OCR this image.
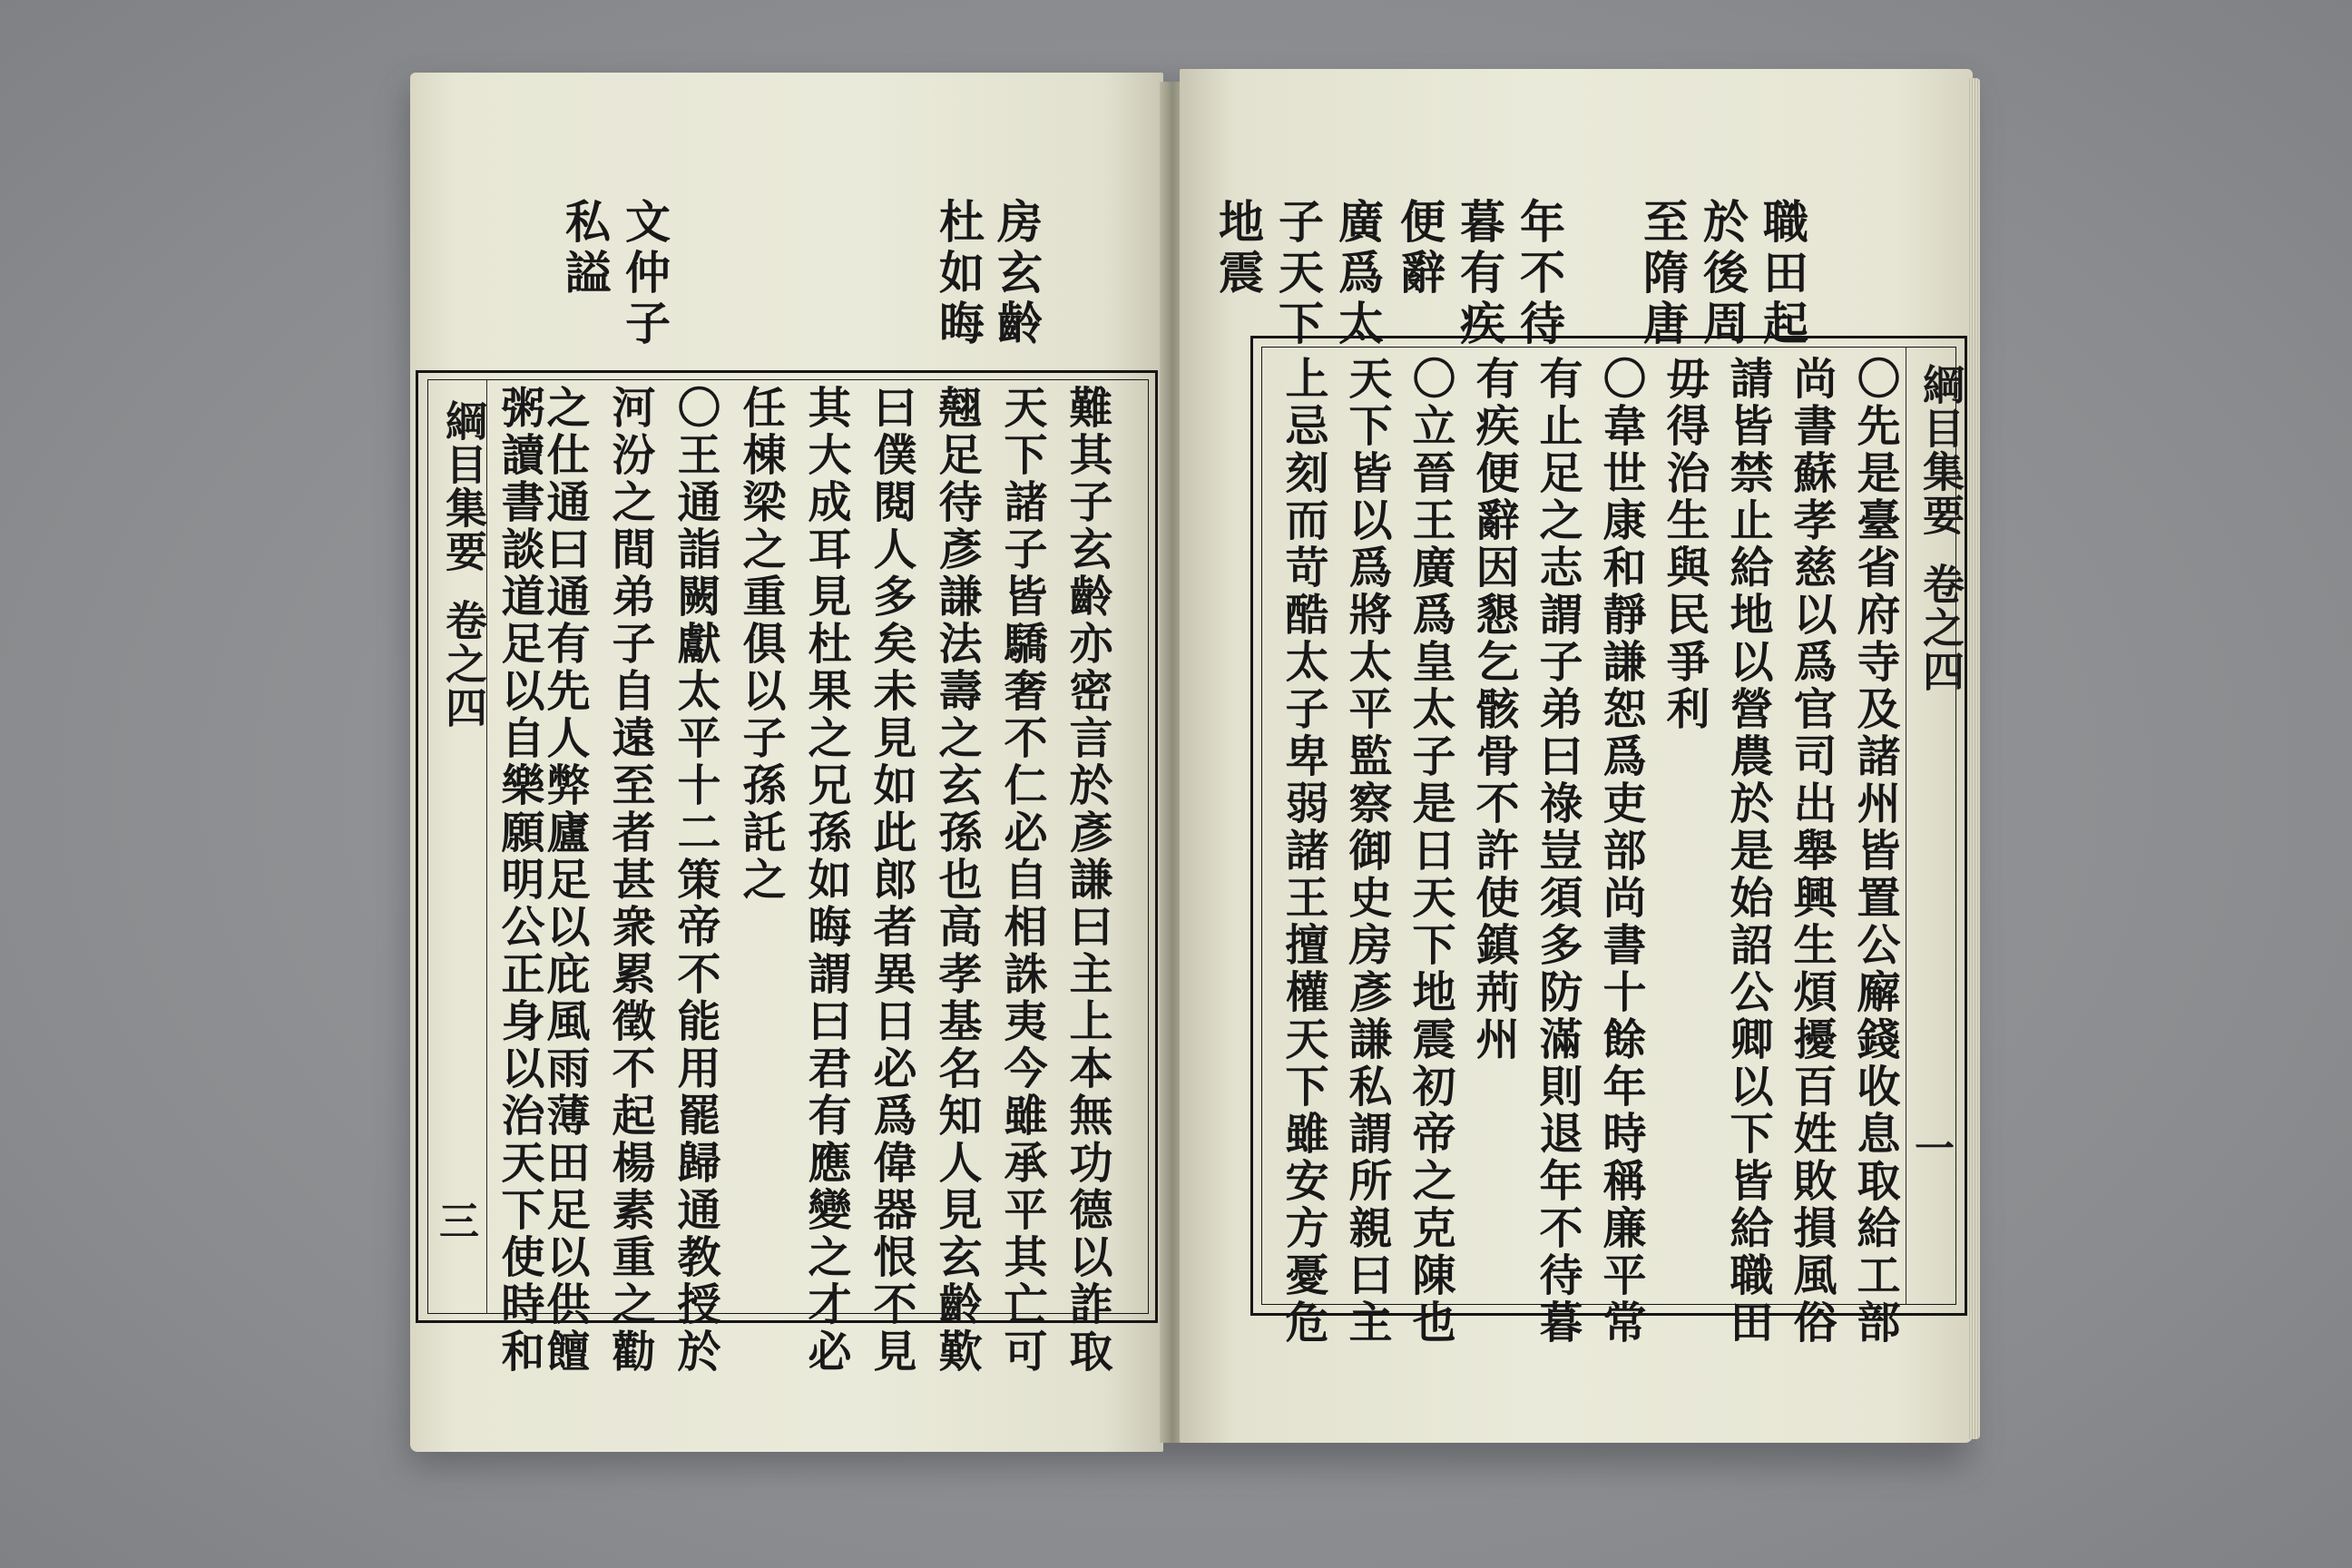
房玄齡
杜如晦
文仲子
私謚
綱目集要
卷之四
三	難其子玄齡亦密言於彥謙曰主上本無功德以詐取
天下諸子皆驕奢不仁必自相誅夷今雖承平其亡可
翹足待彥謙法壽之玄孫也高孝基名知人見玄齡歎
曰僕閱人多矣未見如此郎者異日必爲偉器恨不見
其大成耳見杜果之兄孫如晦謂曰君有應變之才必
任棟梁之重俱以子孫託之
〇王通詣闕獻太平十二策帝不能用罷歸通教授於
河汾之間弟子自遠至者甚衆累徵不起楊素重之勸
之仕通曰通有先人弊廬足以庇風雨薄田足以供饘
粥讀書談道足以自樂願明公正身以治天下使時和
職田起
於後周
至隋唐
年不待
暮有疾
便辭
廣爲太
子天下
地震
綱目集要
卷之四
一
〇先是臺省府寺及諸州皆置公廨錢收息取給工部
尚書蘇孝慈以爲官司出舉興生煩擾百姓敗損風俗
請皆禁止給地以營農於是始詔公卿以下皆給職田
毋得治生與民爭利
〇韋世康和靜謙恕爲吏部尚書十餘年時稱廉平常
有止足之志謂子弟曰祿豈須多防滿則退年不待暮
有疾便辭因懇乞骸骨不許使鎮荊州
〇立晉王廣爲皇太子是日天下地震初帝之克陳也
天下皆以爲將太平監察御史房彥謙私謂所親曰主
上忌刻而苛酷太子卑弱諸王擅權天下雖安方憂危
